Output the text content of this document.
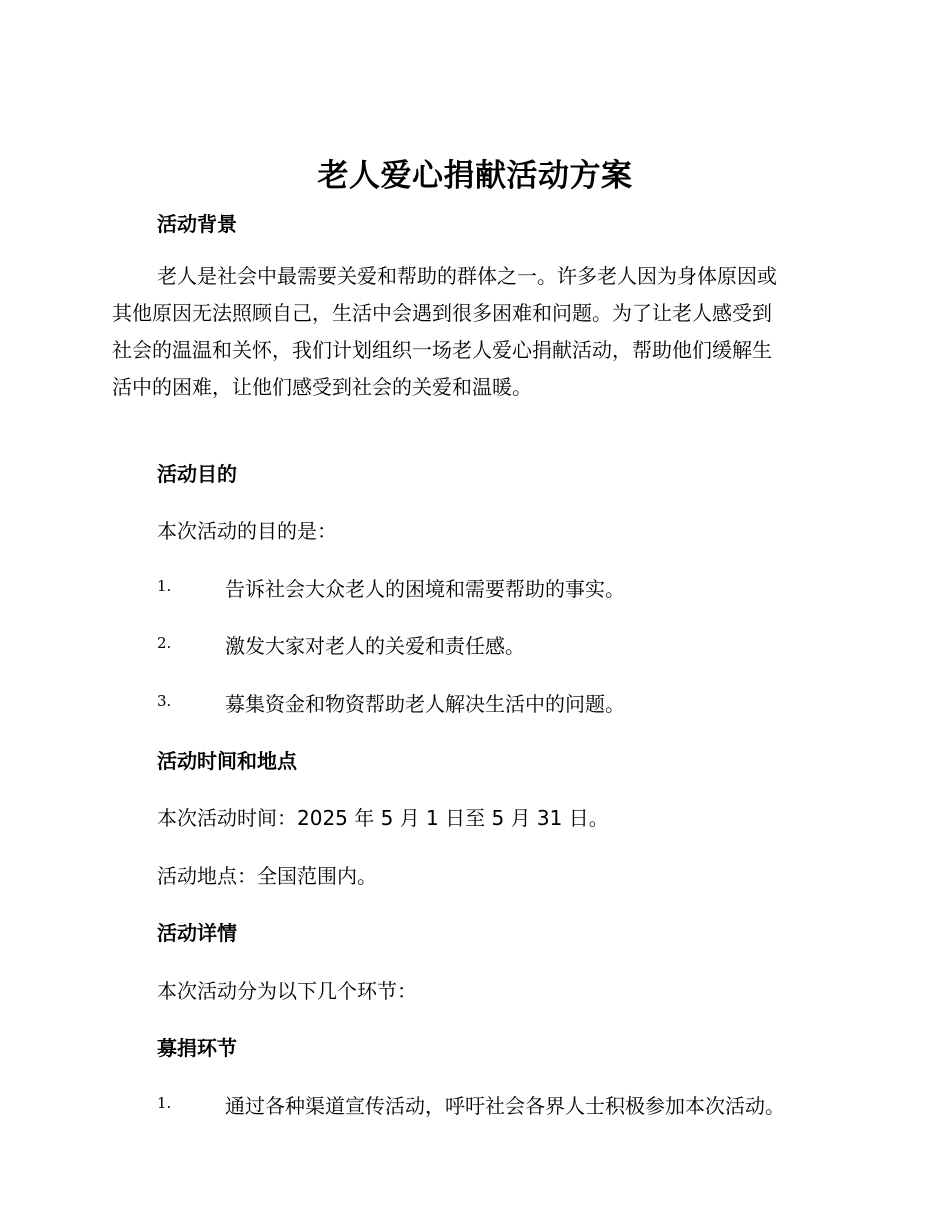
老人爱心捐献活动方案
活动背景
老人是社会中最需要关爱和帮助的群体之一。许多老人因为身体原因或
其他原因无法照顾自己，生活中会遇到很多困难和问题。为了让老人感受到
社会的温温和关怀，我们计划组织一场老人爱心捐献活动，帮助他们缓解生
活中的困难，让他们感受到社会的关爱和温暖。
活动目的
本次活动的目的是：
1.	告诉社会大众老人的困境和需要帮助的事实。
2.	激发大家对老人的关爱和责任感。
3.	募集资金和物资帮助老人解决生活中的问题。
活动时间和地点
本次活动时间：2025 年 5 月 1 日至 5 月 31 日。
活动地点：全国范围内。
活动详情
本次活动分为以下几个环节：
募捐环节
1.	通过各种渠道宣传活动，呼吁社会各界人士积极参加本次活动。
